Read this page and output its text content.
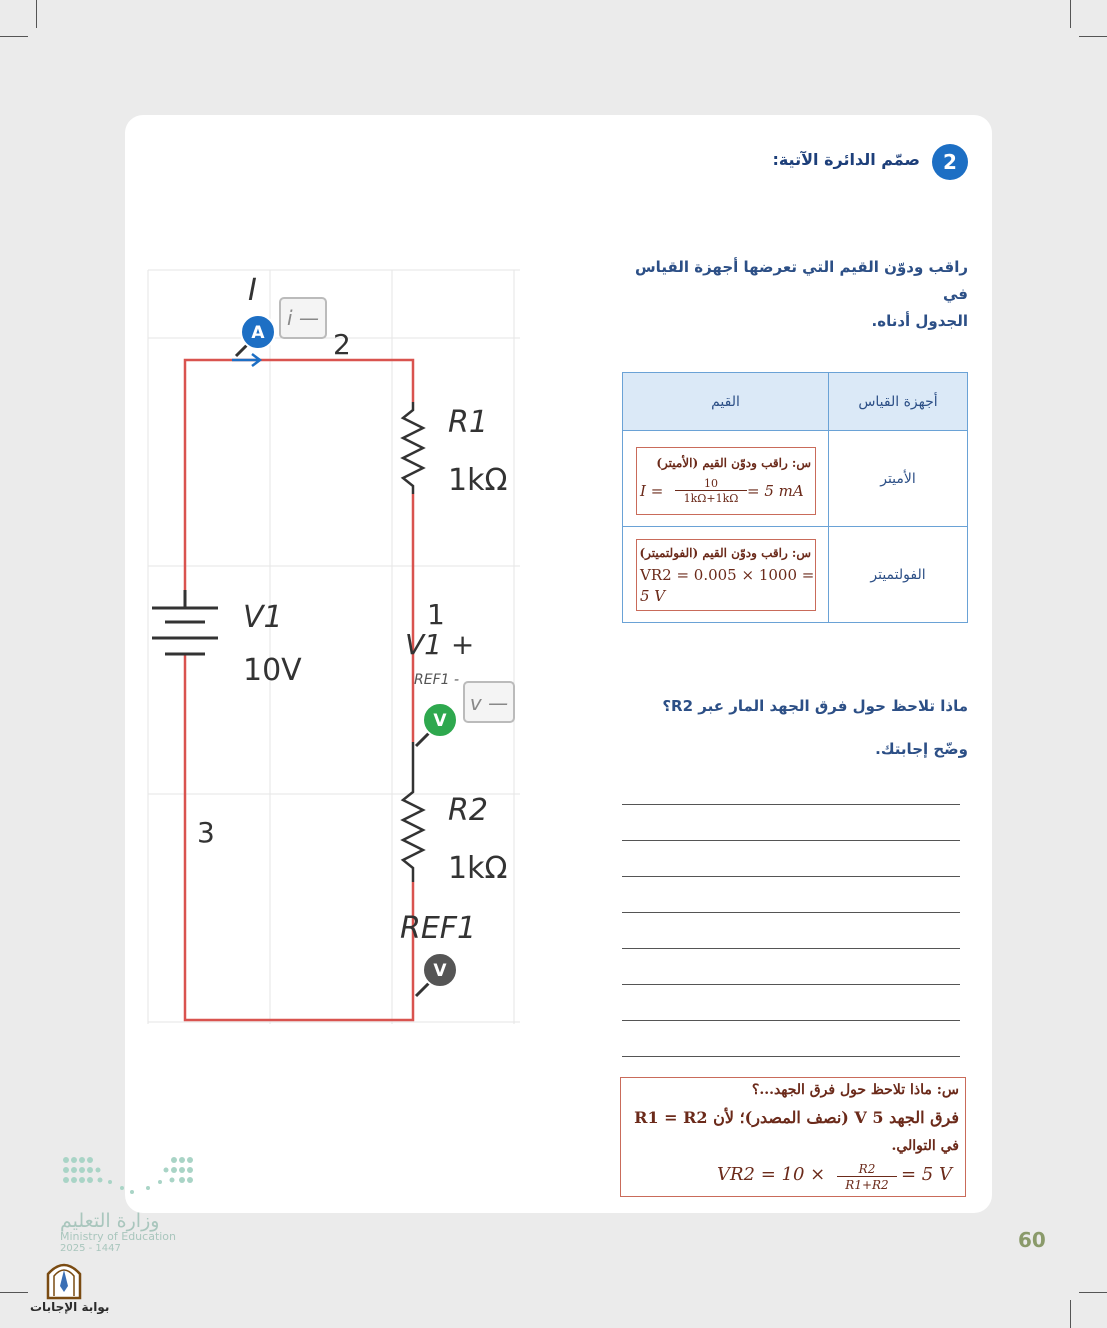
2
صمّم الدائرة الآتية:
راقب ودوّن القيم التي تعرضها أجهزة القياس في
الجدول أدناه.
A
i —
V
v —
V
I
2
R1
1kΩ
V1
10V
1
V1 +
REF1 -
R2
1kΩ
3
REF1
القيم	أجهزة القياس

س: راقب ودوّن القيم (الأميتر)
I = 10
1kΩ+1kΩ = 5 mA	الأميتر

س: راقب ودوّن القيم (الفولتميتر)
VR2 = 0.005 × 1000 =
5 V	الفولتميتر
ماذا تلاحظ حول فرق الجهد المار عبر R2؟
وضّح إجابتك.
س: ماذا تلاحظ حول فرق الجهد...؟
فرق الجهد 5 V (نصف المصدر)؛ لأن R1 = R2
في التوالي.
VR2 = 10 ×	R2
R1+R2 = 5 V
وزارة التعليم
Ministry of Education
2025 - 1447
بوابة الإجابات
60
